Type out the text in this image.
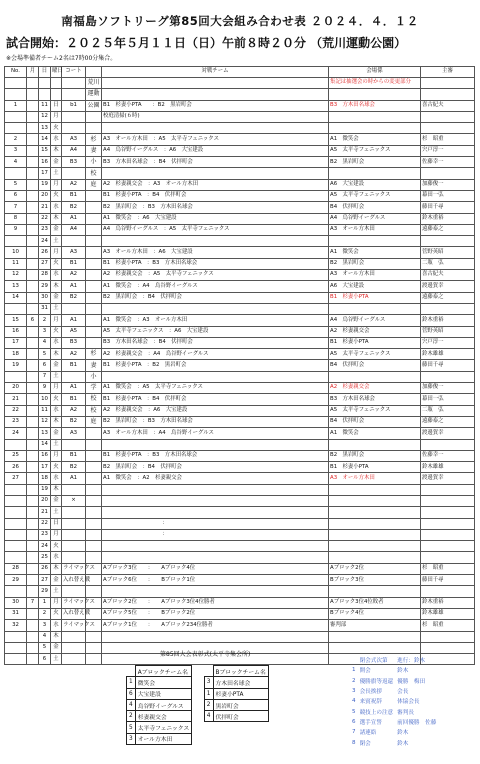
南福島ソフトリーグ第85回大会組み合わせ表 ２０２４．４．１２
試合開始：２０２５年５月１１日（日）午前８時２０分 （荒川運動公園）
※会場準備者チーム2名は7時00分集合。
No.	月	日	曜日	コート		対戦チーム	会場係	主審
					荒川		集記は抽選会の時からの変更部分	
					運動			
1		11	日	b1	公園	B1　杉妻小PTA　　：B2　黒岩町会	B3　方木田名球会	喜古紀夫
		12	月			校庭清掃(６時)		
		13	火					
2		14	水	A3	杉	A3　オール方木田　：A5　太平寺フェニックス	A1　微笑会	杉　昭重
3		15	木	A4	妻	A4　烏谷野イーグルス　：A6　大宝建設	A5　太平寺フェニックス	宍戸淳一
4		16	金	B3	小	B3　方木田名球会　：B4　伏拝町会	B2　黒岩町会	佐藤幸一
		17	土		校			
5		19	月	A2	庭	A2　杉妻親交会　：A3　オール方木田	A6　大宝建設	加藤俊一
6		20	火	B1		B1　杉妻小PTA　：B4　伏拝町会	A5　太平寺フェニックス	幕田一弘
7		21	水	B2		B2　黒岩町会　：B3　方木田名球会	B4　伏拝町会	藤田千尋
8		22	木	A1		A1　微笑会　：A6　大宝建設	A4　烏谷野イーグルス	鈴木重裕
9		23	金	A4		A4　烏谷野イーグルス　：A5　太平寺フェニックス	A3　オール方木田	遠藤泰之
		24	土					
10		26	月	A3		A3　オール方木田　：A6　大宝建設	A1　微笑会	菅野英昭
11		27	火	B1		B1　杉妻小PTA　：B3　方木田名球会	B2　黒岩町会	二瓶　弘
12		28	水	A2		A2　杉妻親交会　：A5　太平寺フェニックス	A3　オール方木田	喜古紀夫
13		29	木	A1		A1　微笑会　：A4　烏谷野イーグルス	A6　大宝建設	渡邊賀幸
14		30	金	B2		B2　黒岩町会　：B4　伏拝町会	B1　杉妻小PTA	遠藤泰之
		31	土					
15	6	2	月	A1		A1　微笑会　：A3　オール方木田	A4　烏谷野イーグルス	鈴木重裕
16		3	火	A5		A5　太平寺フェニックス　：A6　大宝建設	A2　杉妻親交会	菅野英昭
17		4	水	B3		B3　方木田名球会　：B4　伏拝町会	B1　杉妻小PTA	宍戸淳一
18		5	木	A2	杉	A2　杉妻親交会　：A4　烏谷野イーグルス	A5　太平寺フェニックス	鈴木雄雄
19		6	金	B1	妻	B1　杉妻小PTA　：B2　黒岩町会	B4　伏拝町会	藤田千尋
		7	土		小			
20		9	月	A1	学	A1　微笑会　：A5　太平寺フェニックス	A2　杉妻親交会	加藤俊一
21		10	火	B1	校	B1　杉妻小PTA　：B4　伏拝町会	B3　方木田名球会	幕田一弘
22		11	水	A2	校	A2　杉妻親交会　：A6　大宝建設	A5　太平寺フェニックス	二瓶　弘
23		12	木	B2	庭	B2　黒岩町会　：B3　方木田名球会	B4　伏拝町会	遠藤泰之
24		13	金	A3		A3　オール方木田　：A4　烏谷野イーグルス	A1　微笑会	渡邊賀幸
		14	土					
25		16	月	B1		B1　杉妻小PTA　：B3　方木田名球会	B2　黒岩町会	佐藤幸一
26		17	火	B2		B2　黒岩町会　：B4　伏拝町会	B1　杉妻小PTA	鈴木雄雄
27		18	水	A1		A1　微笑会　：A2　杉妻親交会	A3　オール方木田	渡邊賀幸
		19	木					
		20	金	×				
		21	土					
		22	日			　　　　　　　　　　　：		
		23	月			　　　　　　　　　　　：		
		24	火					
		25	水					
28		26	木	ライマックス		Aブロック3位　　：　　Aブロック4位	Aブロック2位	杉　昭重
29		27	金	入れ替え戦		Aブロック6位　　：　　Bブロック1位	Bブロック3位	藤田千尋
		29	土					
30	7	1	月	ライマックス		Aブロック2位　　：　　Aブロック3位4位勝者	Aブロック3位4位敗者	鈴木重裕
31		2	火	入れ替え戦		Aブロック5位　　：　　Bブロック2位	Bブロック4位	鈴木雄雄
32		3	水	ライマックス		Aブロック1位　　：　　Aブロック234位勝者	審判部	杉　昭重
		4	木					
		5	金					
		6	土					
第85回大会表彰式(太平寺集会所)
	Aブロックチーム名			Bブロックチーム名
1	微笑会		3	方木田名球会
6	大宝建設		1	杉妻小PTA
4	烏谷野イーグルス		2	黒岩町会
2	杉妻親交会		4	伏拝町会
5	太平寺フェニックス			
3	オール方木田			
	閉会式次第	進行：鈴木
1	開会	鈴木
2	優勝旗等返還	優勝　梅田
3	会長挨拶	会長
4	来賓祝辞	体協会長
5	競技上の注意	審判長
6	選手宣誓	前回優勝　佐藤
7	諸連絡	鈴木
8	閉会	鈴木
